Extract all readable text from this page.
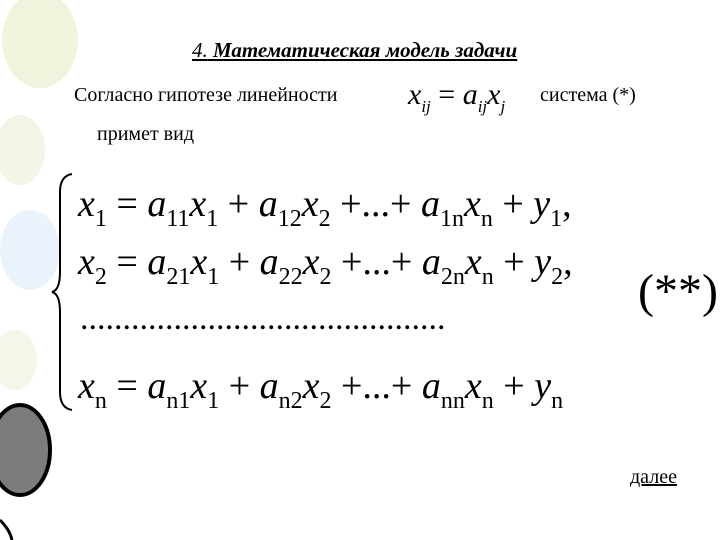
4. Математическая модель задачи
Согласно гипотезе линейности $x_{ij} = a_{ij}x_j$
система (*)
примет вид
$x_1 = a_{11}x_1 + a_{12}x_2$ +...+ $a_{1n}x_n + y_1$,
$x_2 = a_{21}x_1 + a_{22}x_2$ +...+ $a_{2n}x_n + y_2$,
...........................................
(**)
$x_n = a_{n1}x_1 + a_{n2}x_2$ +...+ $a_{nn}x_n + y_n$
далее
